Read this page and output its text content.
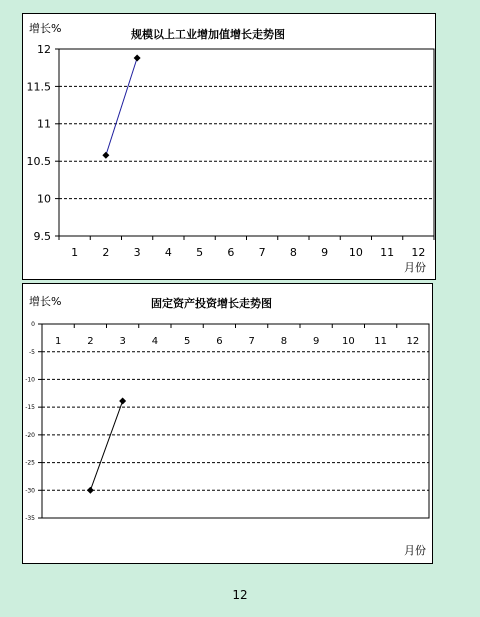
增长%	规模以上工业增加值增长走势图
12
11.5
11
10.5
10
9.5
1 2 3 4 5 6 7 8 9 10 11 12
月份
增长%	固定资产投资增长走势图
0
-5
-10
-15
-20
-25
-30
-35
1	2	3	4	5	6	7	8	9 10 11 12
月份
12
